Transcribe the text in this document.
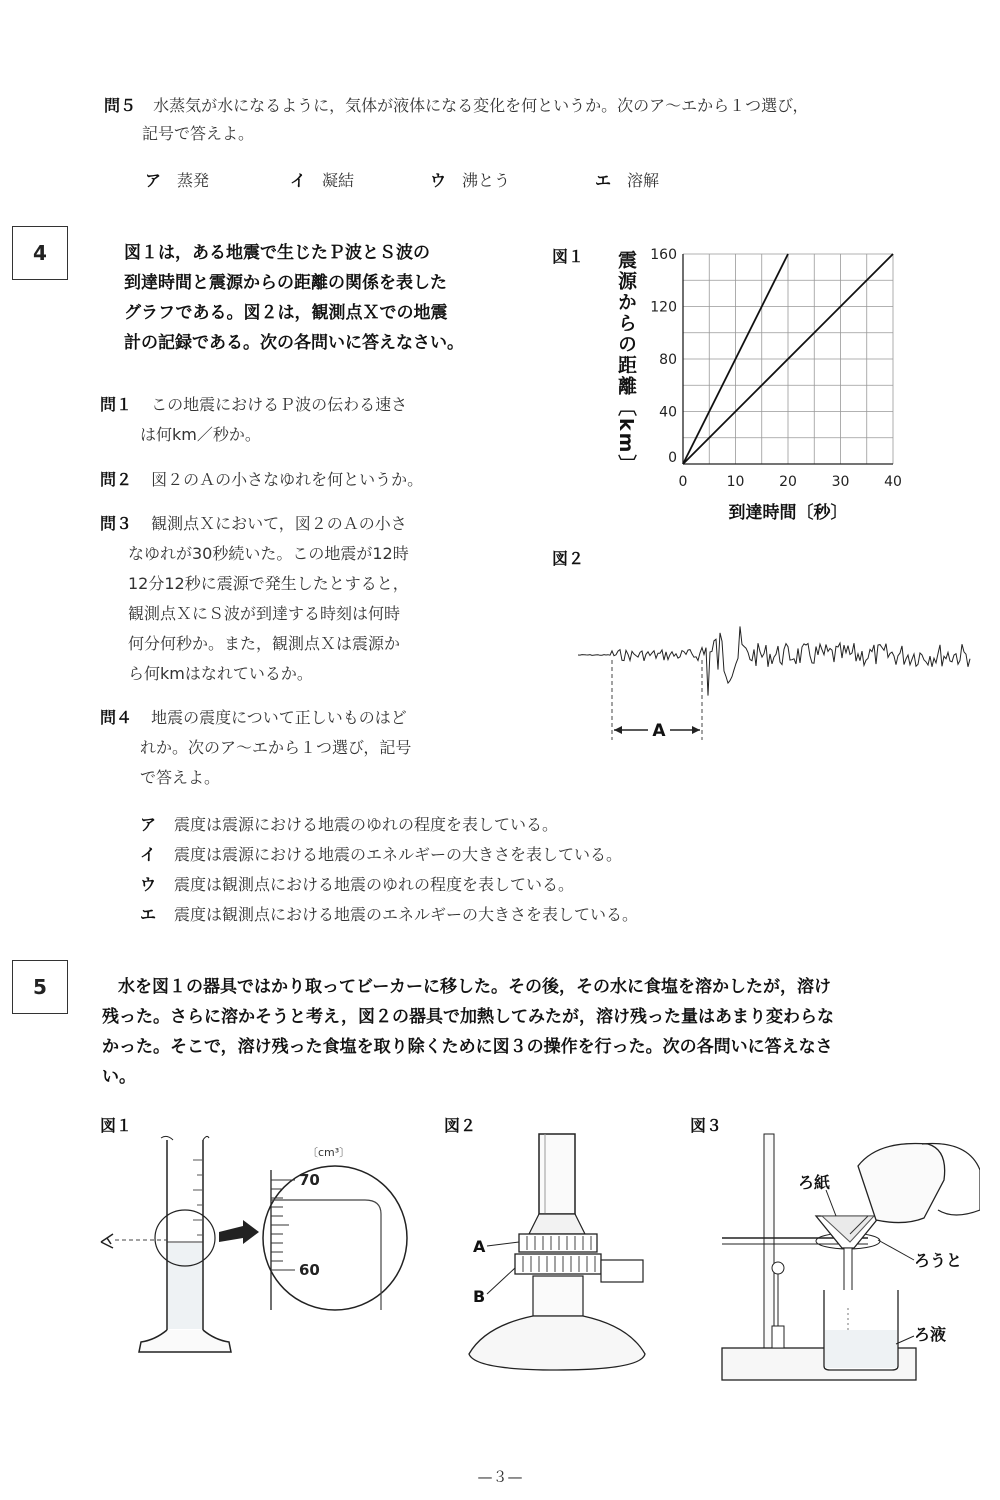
問５ 水蒸気が水になるように，気体が液体になる変化を何というか。次のア～エから１つ選び，
記号で答えよ。
ア 蒸発	イ 凝結	ウ 沸とう	エ 溶解
4	図１は，ある地震で生じたＰ波とＳ波の
到達時間と震源からの距離の関係を表した
グラフである。図２は，観測点Ｘでの地震
計の記録である。次の各問いに答えなさい。
問１ この地震におけるＰ波の伝わる速さ
は何km／秒か。
問２ 図２のＡの小さなゆれを何というか。
問３ 観測点Ｘにおいて，図２のＡの小さ
なゆれが30秒続いた。この地震が12時
12分12秒に震源で発生したとすると，
観測点ＸにＳ波が到達する時刻は何時
何分何秒か。また，観測点Ｘは震源か
ら何kmはなれているか。
問４ 地震の震度について正しいものはど
れか。次のア～エから１つ選び，記号
で答えよ。
ア 震度は震源における地震のゆれの程度を表している。
イ 震度は震源における地震のエネルギーの大きさを表している。
ウ 震度は観測点における地震のゆれの程度を表している。
エ 震度は観測点における地震のエネルギーの大きさを表している。
図１ 震源からの距離〔km〕
0	10 20 30 40
40
80
120
160
0
到達時間〔秒〕
図２
A
5	水を図１の器具ではかり取ってビーカーに移した。その後，その水に食塩を溶かしたが，溶け
残った。さらに溶かそうと考え，図２の器具で加熱してみたが，溶け残った量はあまり変わらな
かった。そこで，溶け残った食塩を取り除くために図３の操作を行った。次の各問いに答えなさ
い。
図１	図２	図３
〔cm³〕
70
60
A
B
ろ紙
ろうと
ろ液
—３—
